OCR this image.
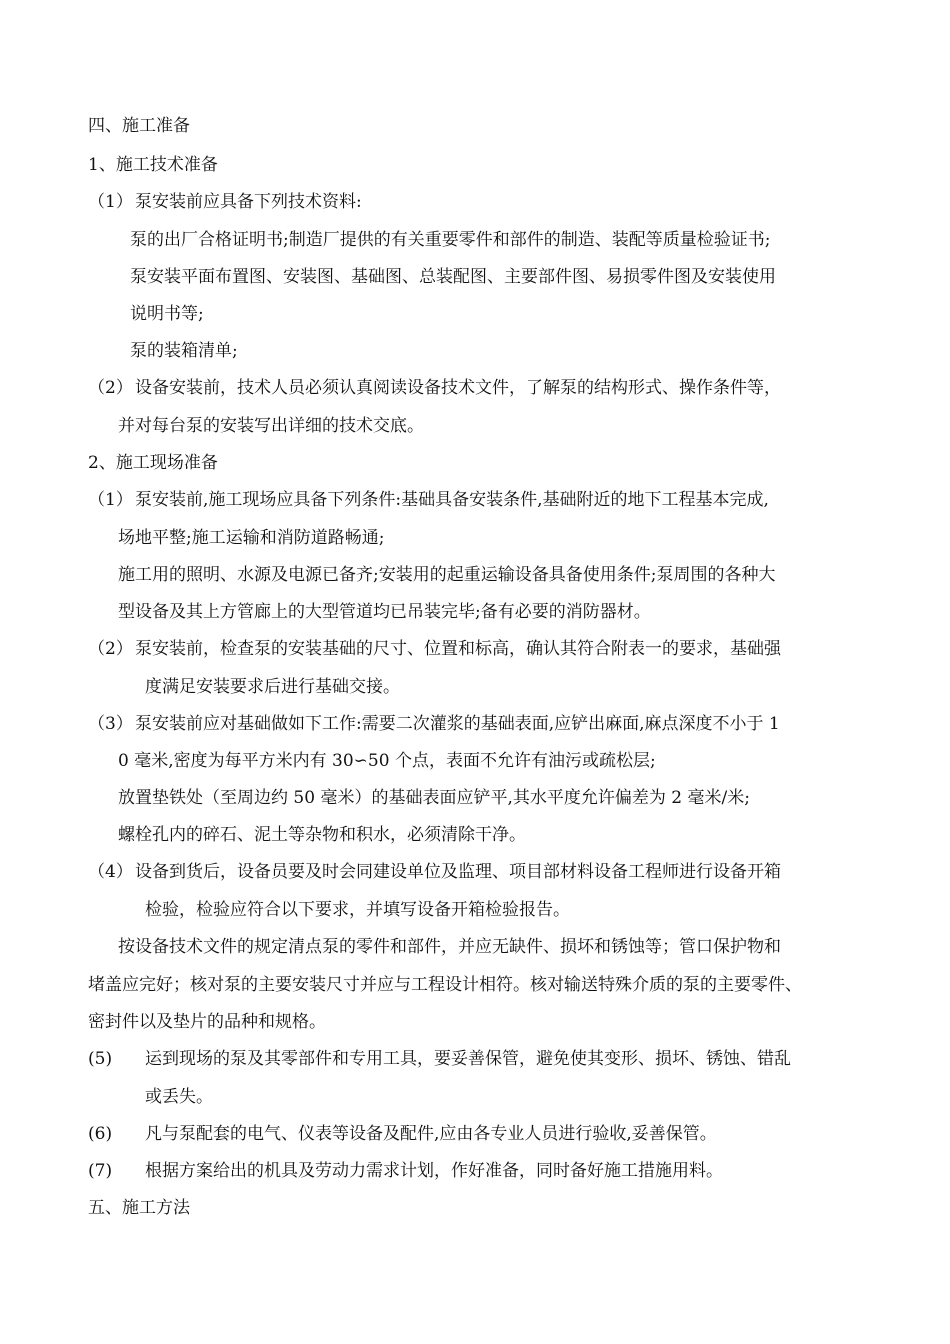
四、施工准备
1、施工技术准备
（1） 泵安装前应具备下列技术资料:
泵的出厂合格证明书;制造厂提供的有关重要零件和部件的制造、装配等质量检验证书;
泵安装平面布置图、安装图、基础图、总装配图、主要部件图、易损零件图及安装使用
说明书等;
泵的装箱清单;
（2） 设备安装前，技术人员必须认真阅读设备技术文件，了解泵的结构形式、操作条件等，
并对每台泵的安装写出详细的技术交底。
2、施工现场准备
（1） 泵安装前,施工现场应具备下列条件:基础具备安装条件,基础附近的地下工程基本完成,
场地平整;施工运输和消防道路畅通;
施工用的照明、水源及电源已备齐;安装用的起重运输设备具备使用条件;泵周围的各种大
型设备及其上方管廊上的大型管道均已吊装完毕;备有必要的消防器材。
（2） 泵安装前，检查泵的安装基础的尺寸、位置和标高，确认其符合附表一的要求，基础强
度满足安装要求后进行基础交接。
（3） 泵安装前应对基础做如下工作:需要二次灌浆的基础表面,应铲出麻面,麻点深度不小于 1
0 毫米,密度为每平方米内有 30∽50 个点，表面不允许有油污或疏松层;
放置垫铁处（至周边约 50 毫米）的基础表面应铲平,其水平度允许偏差为 2 毫米/米;
螺栓孔内的碎石、泥土等杂物和积水，必须清除干净。
（4） 设备到货后，设备员要及时会同建设单位及监理、项目部材料设备工程师进行设备开箱
检验，检验应符合以下要求，并填写设备开箱检验报告。
按设备技术文件的规定清点泵的零件和部件，并应无缺件、损坏和锈蚀等；管口保护物和
堵盖应完好；核对泵的主要安装尺寸并应与工程设计相符。核对输送特殊介质的泵的主要零件、
密封件以及垫片的品种和规格。
(5) 运到现场的泵及其零部件和专用工具，要妥善保管，避免使其变形、损坏、锈蚀、错乱
或丢失。
(6) 凡与泵配套的电气、仪表等设备及配件,应由各专业人员进行验收,妥善保管。
(7) 根据方案给出的机具及劳动力需求计划，作好准备，同时备好施工措施用料。
五、施工方法
